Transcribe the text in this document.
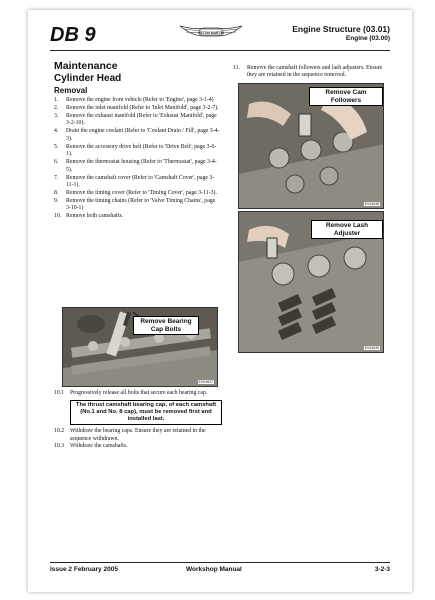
DB 9	ASTON MARTIN	Engine Structure (03.01)
Engine (03.00)
Maintenance
Cylinder Head
Removal
1.	Remove the engine from vehicle (Refer to 'Engine', page 3-1-4)
2.	Remove the inlet manifold (Refer to 'Inlet Manifold', page 3-2-7).
3.	Remove the exhaust manifold (Refer to 'Exhaust Manifold', page 3-2-10).
4.	Drain the engine coolant (Refer to 'Coolant Drain / Fill', page 3-4-3).
5.	Remove the accessory drive belt (Refer to 'Drive Belt', page 3-6-1).
6.	Remove the thermostat housing (Refer to 'Thermostat', page 3-4-5).
7.	Remove the camshaft cover (Refer to 'Camshaft Cover', page 3-11-1).
8.	Remove the timing cover (Refer to 'Timing Cover', page 3-11-3).
9.	Remove the timing chains (Refer to 'Valve Timing Chains', page 3-10-1)
10. Remove both camshafts.
Remove Bearing Cap Bolts
EV04527
10.1	Progressively release all bolts that secure each bearing cap.
The thrust camshaft bearing cap, of each camshaft (No.1 and No. 8 cap), must be removed first and installed last.
10.2	Withdraw the bearing caps. Ensure they are retained in the sequence withdrawn.
10.3	Withdraw the camshafts.
11.	Remove the camshaft followers and lash adjusters. Ensure they are retained in the sequence removed.
Remove Cam Followers
EV04538
Remove Lash Adjuster
EV04539
Issue 2 February 2005	Workshop Manual	3-2-3
